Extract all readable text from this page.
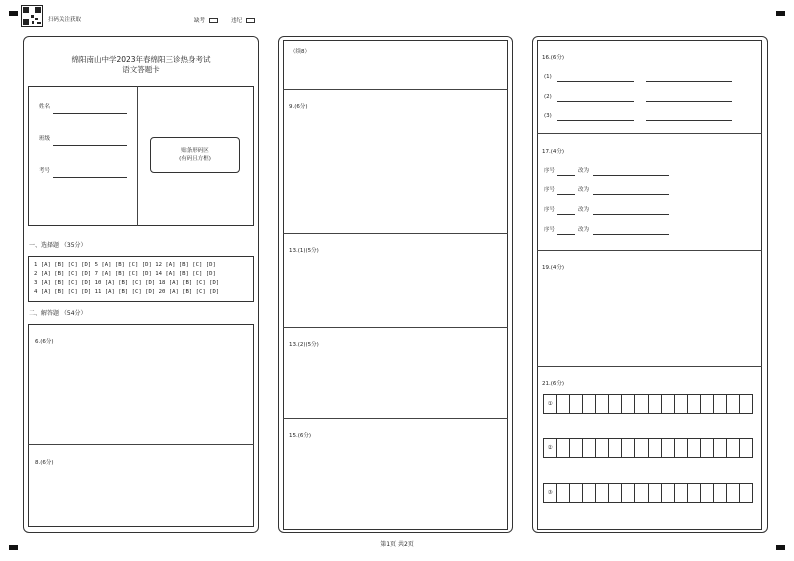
扫码关注获取	缺考	违纪
绵阳南山中学2023年春绵阳三诊热身考试
语文答题卡
姓名
班级
考号
贴条形码区
(有码且方框)
一、选择题 （35分）
1 [A] [B] [C] [D] 5 [A] [B] [C] [D] 12 [A] [B] [C] [D]
2 [A] [B] [C] [D] 7 [A] [B] [C] [D] 14 [A] [B] [C] [D]
3 [A] [B] [C] [D] 10 [A] [B] [C] [D] 18 [A] [B] [C] [D]
4 [A] [B] [C] [D] 11 [A] [B] [C] [D] 20 [A] [B] [C] [D]
二、解答题 （54分）
6.(6分)
8.(6分)
（续8）
9.(6分)
13.(1)(5分)
13.(2)(5分)
15.(6分)
16.(6分)
(1)
(2)
(3)
17.(4分)
序号	改为
序号	改为
序号	改为
序号	改为
19.(4分)
21.(6分)
①
②
③
第1页 共2页
